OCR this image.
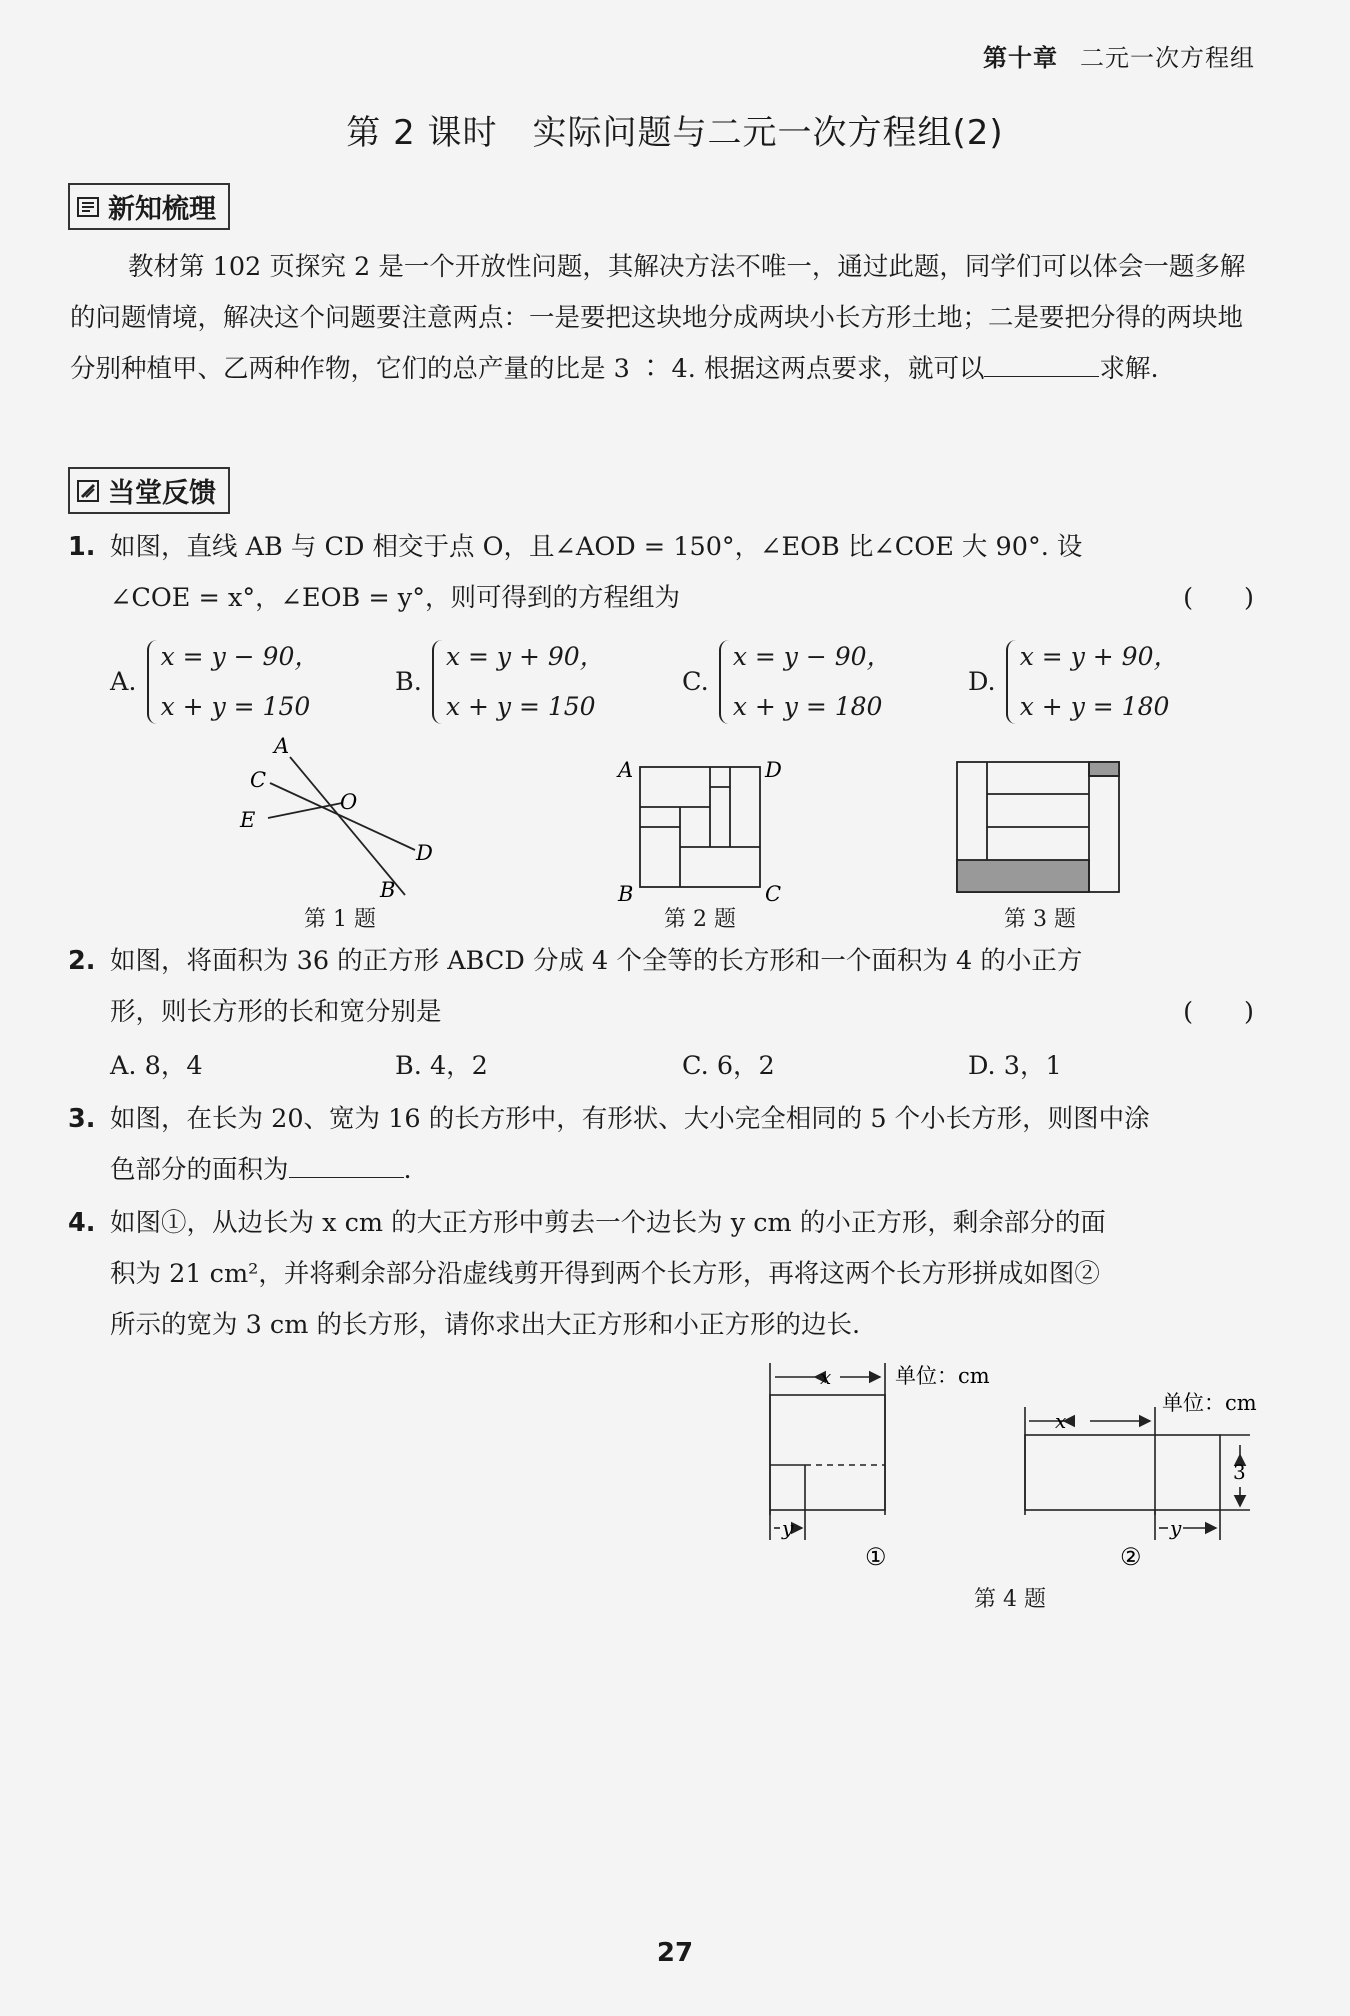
第十章 二元一次方程组
第 2 课时　实际问题与二元一次方程组(2)
新知梳理
教材第 102 页探究 2 是一个开放性问题，其解决方法不唯一，通过此题，同学们可以体会一题多解的问题情境，解决这个问题要注意两点：一是要把这块地分成两块小长方形土地；二是要把分得的两块地分别种植甲、乙两种作物，它们的总产量的比是 3 ∶ 4. 根据这两点要求，就可以	求解.
当堂反馈
1. 如图，直线 AB 与 CD 相交于点 O，且∠AOD = 150°，∠EOB 比∠COE 大 90°. 设
∠COE = x°，∠EOB = y°，则可得到的方程组为	(　　)
A.
x = y − 90，
x + y = 150
B.
x = y + 90，
x + y = 150
C.
x = y − 90，
x + y = 180
D.
x = y + 90，
x + y = 180
A
C
E
O
D
B
第 1 题
A	D
B	C
第 2 题	第 3 题
2. 如图，将面积为 36 的正方形 ABCD 分成 4 个全等的长方形和一个面积为 4 的小正方
形，则长方形的长和宽分别是	(　　)
A. 8，4	B. 4，2	C. 6，2	D. 3，1
3. 如图，在长为 20、宽为 16 的长方形中，有形状、大小完全相同的 5 个小长方形，则图中涂
色部分的面积为	.
4. 如图①，从边长为 x cm 的大正方形中剪去一个边长为 y cm 的小正方形，剩余部分的面
积为 21 cm²，并将剩余部分沿虚线剪开得到两个长方形，再将这两个长方形拼成如图②
所示的宽为 3 cm 的长方形，请你求出大正方形和小正方形的边长.
x
y
单位：cm
①
x
y
3
单位：cm
②
第 4 题
27
